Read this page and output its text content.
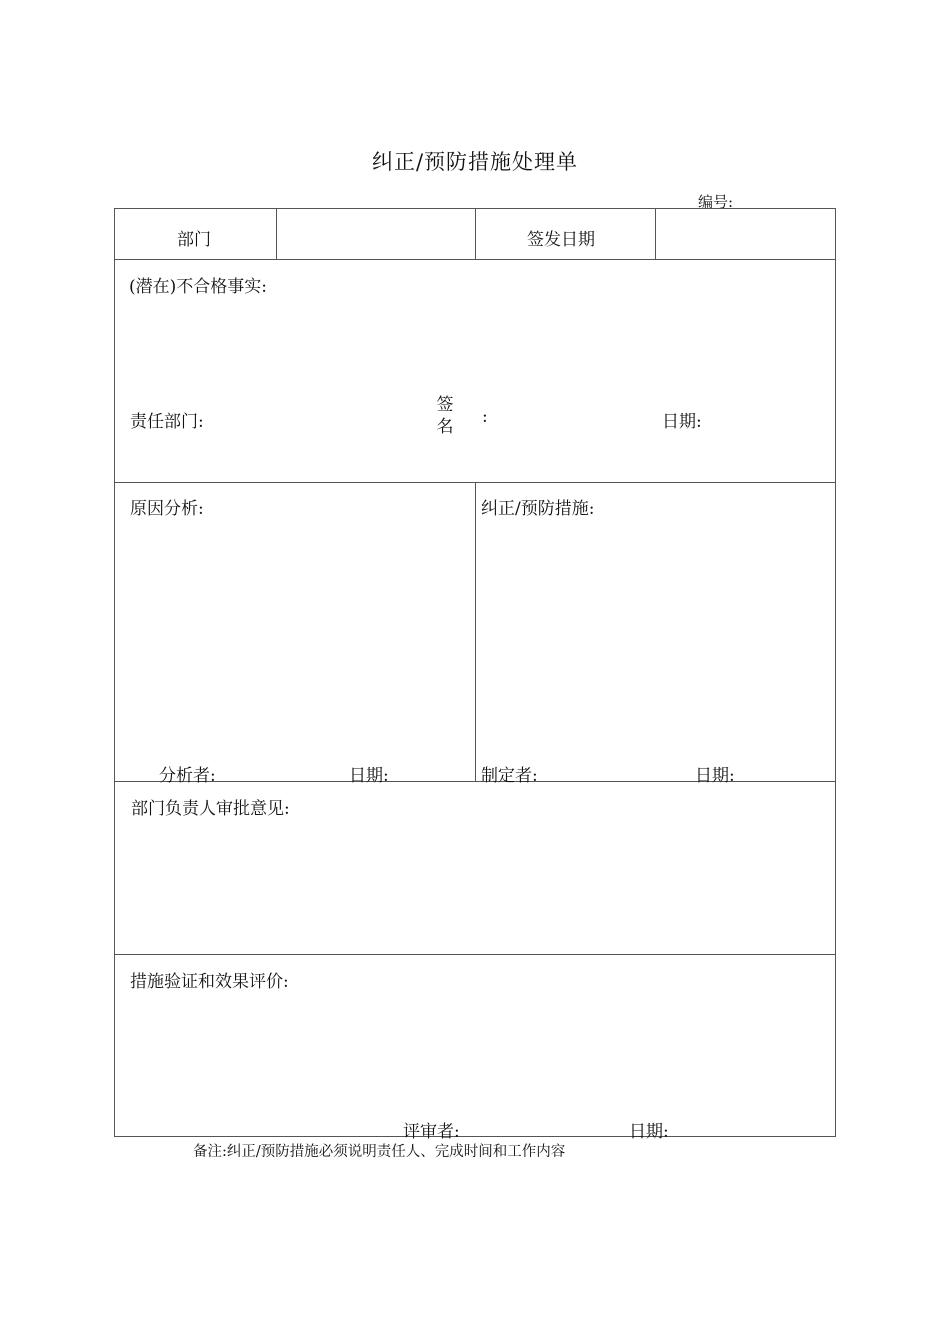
纠正/预防措施处理单
编号:
部门	签发日期
(潜在)不合格事实:
责任部门:
签
名 :	日期:
原因分析:
分析者:	日期:
纠正/预防措施:
制定者:	日期:
部门负责人审批意见:
措施验证和效果评价:
评审者:	日期:
备注:纠正/预防措施必须说明责任人、完成时间和工作内容
